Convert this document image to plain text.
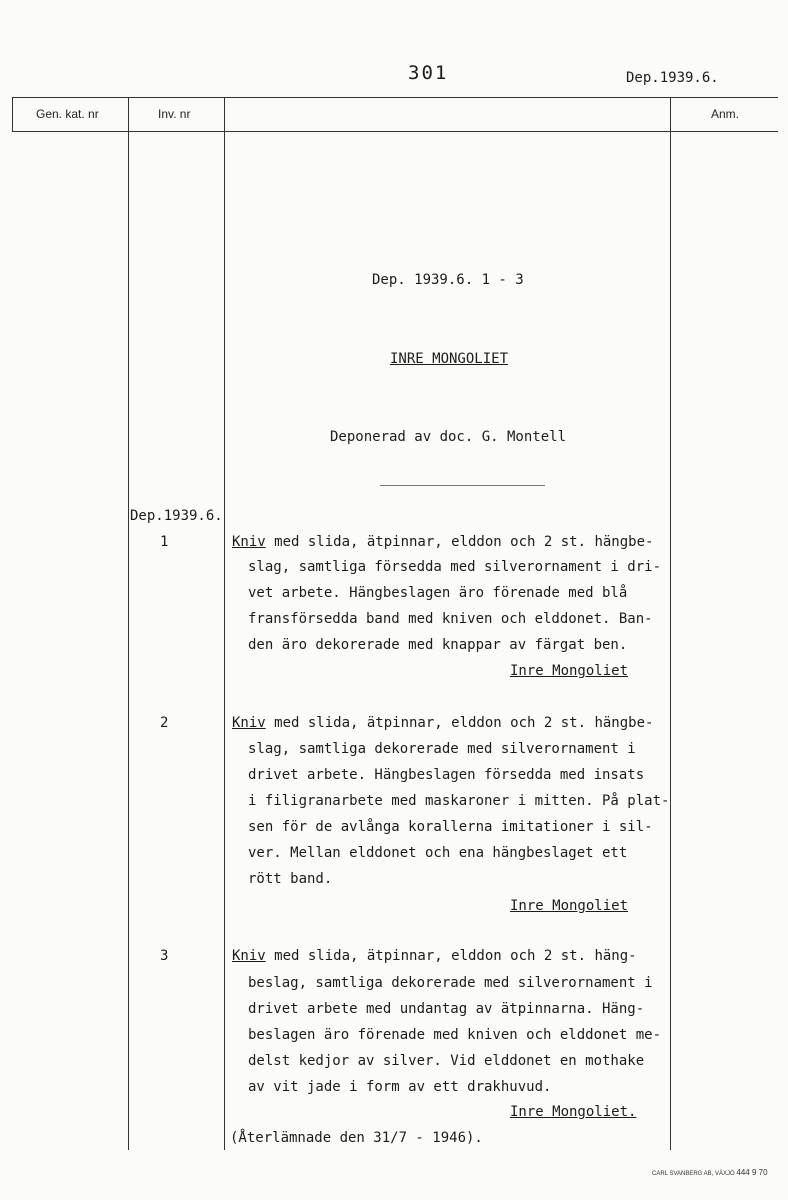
301	Dep.1939.6.
Gen. kat. nr	Inv. nr	Anm.
Dep. 1939.6. 1 - 3
INRE MONGOLIET
Deponerad av doc. G. Montell
Dep.1939.6.
1	Kniv med slida, ätpinnar, elddon och 2 st. hängbe-
slag, samtliga försedda med silverornament i dri-
vet arbete. Hängbeslagen äro förenade med blå
fransförsedda band med kniven och elddonet. Ban-
den äro dekorerade med knappar av färgat ben.
Inre Mongoliet
2	Kniv med slida, ätpinnar, elddon och 2 st. hängbe-
slag, samtliga dekorerade med silverornament i
drivet arbete. Hängbeslagen försedda med insats
i filigranarbete med maskaroner i mitten. På plat-
sen för de avlånga korallerna imitationer i sil-
ver. Mellan elddonet och ena hängbeslaget ett
rött band.
Inre Mongoliet
3	Kniv med slida, ätpinnar, elddon och 2 st. häng-
beslag, samtliga dekorerade med silverornament i
drivet arbete med undantag av ätpinnarna. Häng-
beslagen äro förenade med kniven och elddonet me-
delst kedjor av silver. Vid elddonet en mothake
av vit jade i form av ett drakhuvud.
Inre Mongoliet.
(Återlämnade den 31/7 - 1946).
CARL SVANBERG AB, VÄXJÖ 444 9 70
